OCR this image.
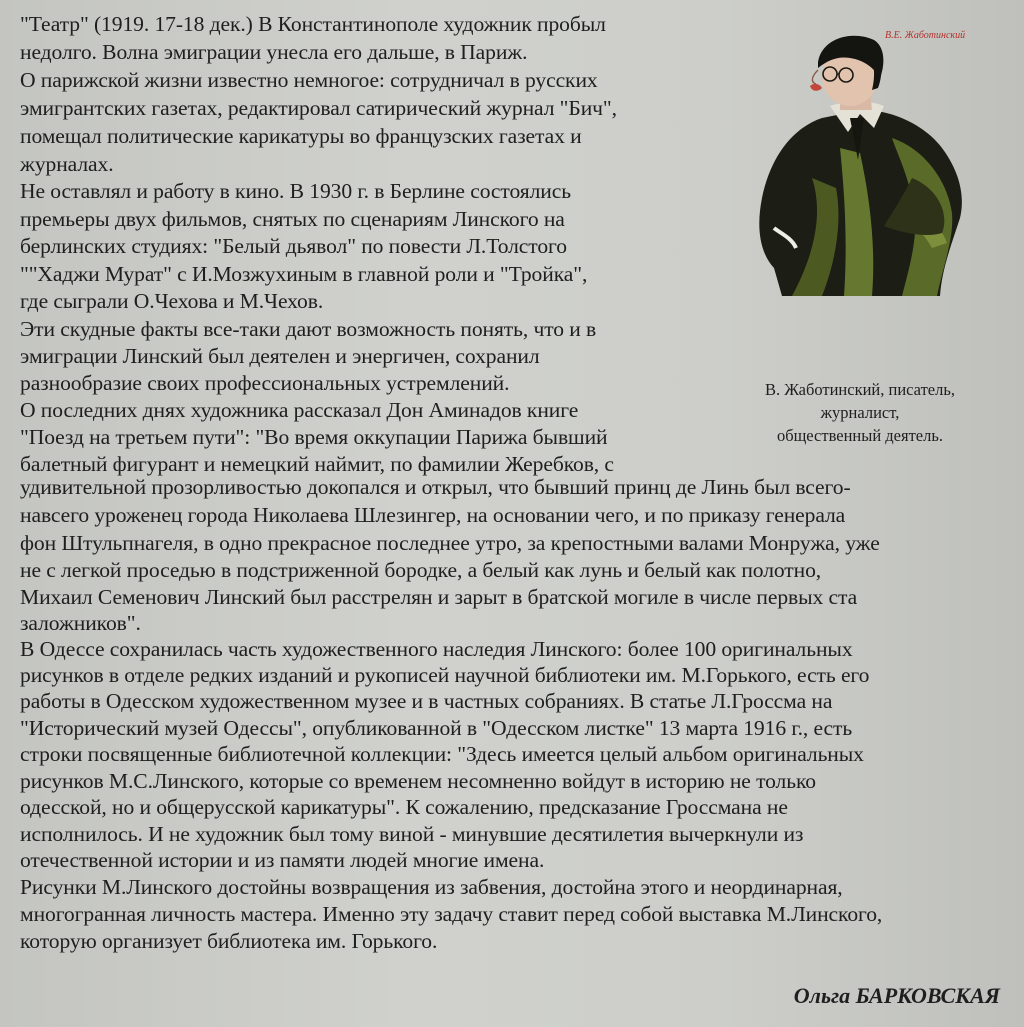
"Театр" (1919. 17-18 дек.) В Константинополе художник пробыл
недолго. Волна эмиграции унесла его дальше, в Париж.
О парижской жизни известно немногое: сотрудничал в русских
эмигрантских газетах, редактировал сатирический журнал "Бич",
помещал политические карикатуры во французских газетах и
журналах.
Не оставлял и работу в кино. В 1930 г. в Берлине состоялись
премьеры двух фильмов, снятых по сценариям Линского на
берлинских студиях: "Белый дьявол" по повести Л.Толстого
""Хаджи Мурат" с И.Мозжухиным в главной роли и "Тройка",
где сыграли О.Чехова и М.Чехов.
Эти скудные факты все-таки дают возможность понять, что и в
эмиграции Линский был деятелен и энергичен, сохранил
разнообразие своих профессиональных устремлений.
О последних днях художника рассказал Дон Аминадов книге
"Поезд на третьем пути": "Во время оккупации Парижа бывший
балетный фигурант и немецкий наймит, по фамилии Жеребков, с
удивительной прозорливостью докопался и открыл, что бывший принц де Линь был всего-
навсего уроженец города Николаева Шлезингер, на основании чего, и по приказу генерала
фон Штульпнагеля, в одно прекрасное последнее утро, за крепостными валами Монружа, уже
не с легкой проседью в подстриженной бородке, а белый как лунь и белый как полотно,
Михаил Семенович Линский был расстрелян и зарыт в братской могиле в числе первых ста
заложников".
В Одессе сохранилась часть художественного наследия Линского: более 100 оригинальных
рисунков в отделе редких изданий и рукописей научной библиотеки им. М.Горького, есть его
работы в Одесском художественном музее и в частных собраниях. В статье Л.Гроссма на
"Исторический музей Одессы", опубликованной в "Одесском листке" 13 марта 1916 г., есть
строки посвященные библиотечной коллекции: "Здесь имеется целый альбом оригинальных
рисунков М.С.Линского, которые со временем несомненно войдут в историю не только
одесской, но и общерусской карикатуры". К сожалению, предсказание Гроссмана не
исполнилось. И не художник был тому виной - минувшие десятилетия вычеркнули из
отечественной истории и из памяти людей многие имена.
Рисунки М.Линского достойны возвращения из забвения, достойна этого и неординарная,
многогранная личность мастера. Именно эту задачу ставит перед собой выставка М.Линского,
которую организует библиотека им. Горького.
В.Е. Жаботинский
В. Жаботинский, писатель,
журналист,
общественный деятель.
Ольга БАРКОВСКАЯ
